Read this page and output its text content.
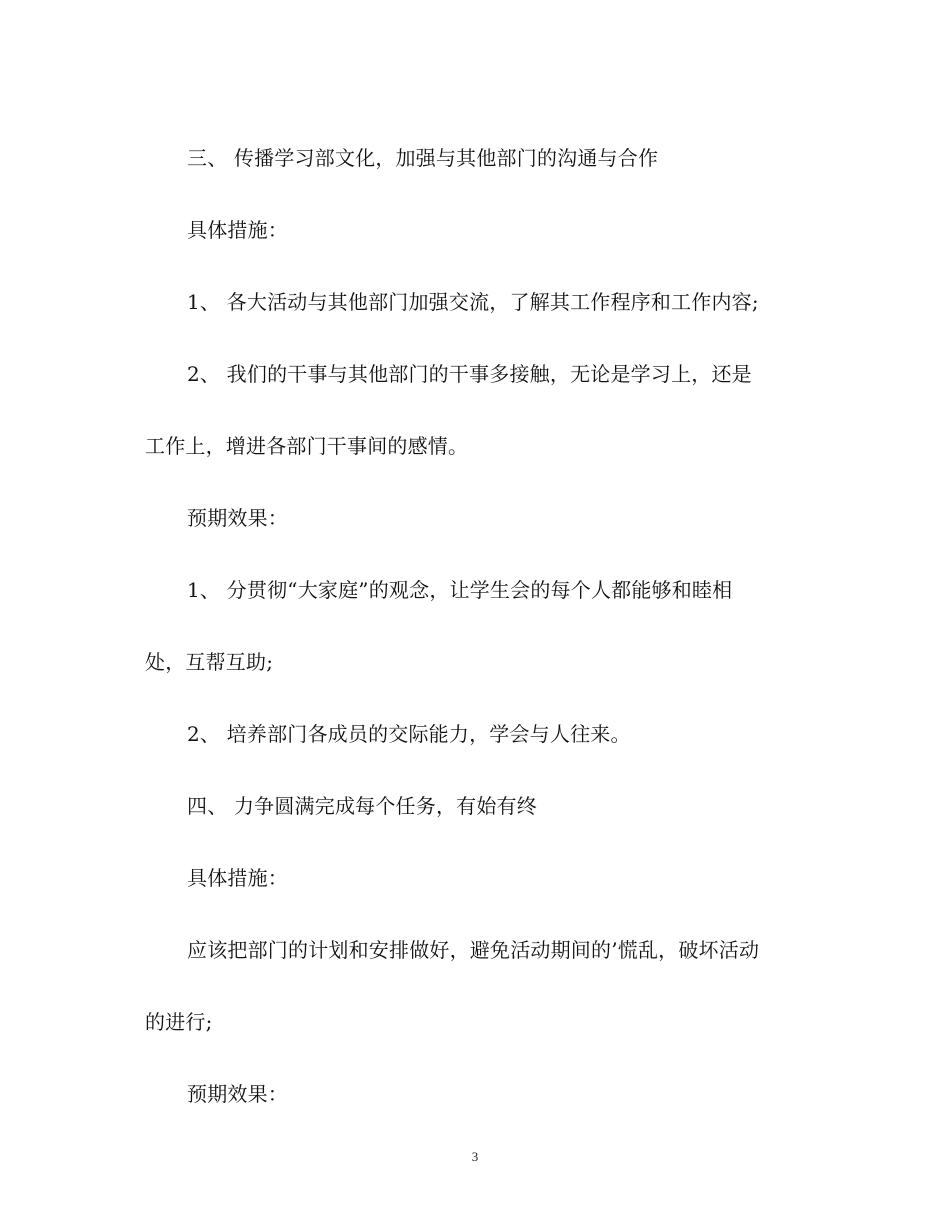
三、 传播学习部文化，加强与其他部门的沟通与合作

具体措施：

1、 各大活动与其他部门加强交流，了解其工作程序和工作内容;

2、 我们的干事与其他部门的干事多接触，无论是学习上，还是

工作上，增进各部门干事间的感情。

预期效果：

1、 分贯彻“大家庭”的观念，让学生会的每个人都能够和睦相

处，互帮互助;

2、 培养部门各成员的交际能力，学会与人往来。

四、 力争圆满完成每个任务，有始有终

具体措施：

应该把部门的计划和安排做好，避免活动期间的’慌乱，破坏活动

的进行;

预期效果：

3
